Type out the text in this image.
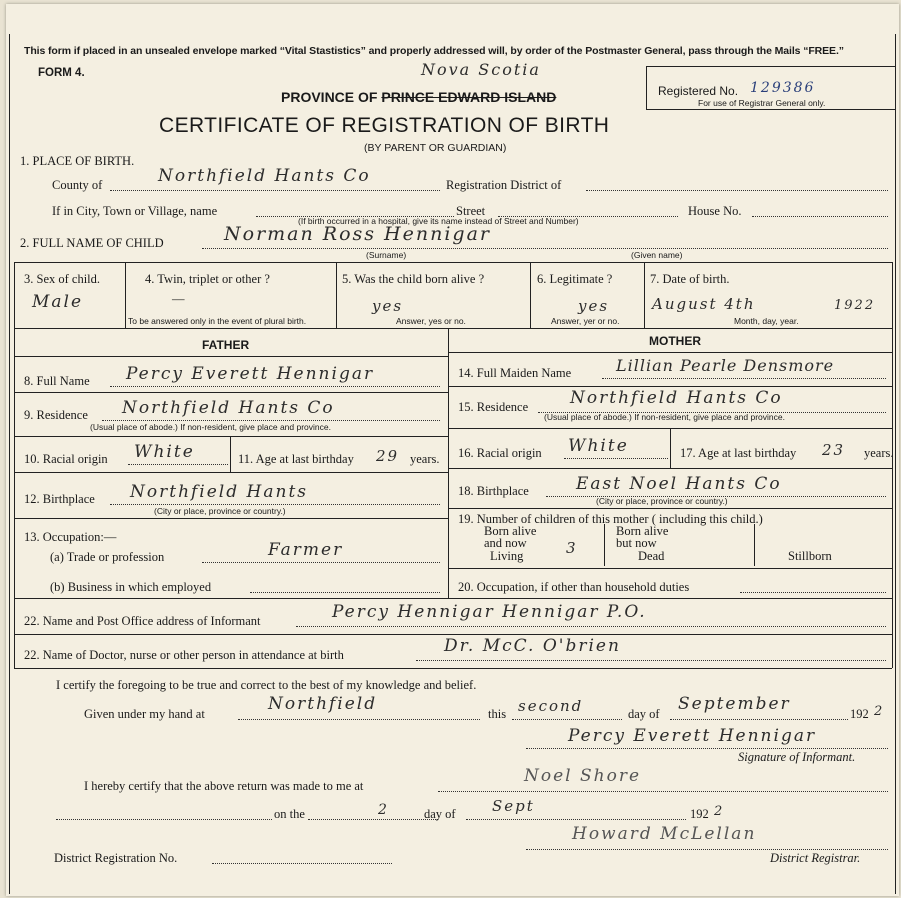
This form if placed in an unsealed envelope marked “Vital Stastistics” and properly addressed will, by order of the Postmaster General, pass through the Mails “FREE.”
FORM 4.	Nova Scotia
PROVINCE OF PRINCE EDWARD ISLAND	Registered No. 129386
For use of Registrar General only.
CERTIFICATE OF REGISTRATION OF BIRTH
(BY PARENT OR GUARDIAN)
1. PLACE OF BIRTH.
County of	Northfield Hants Co	Registration District of
If in City, Town or Village, name	Street	House No.
(If birth occurred in a hospital, give its name instead of Street and Number)
2. FULL NAME OF CHILD	Norman Ross Hennigar
(Surname)	(Given name)
3. Sex of child.
Male
4. Twin, triplet or other ?
—
To be answered only in the event of plural birth.
5. Was the child born alive ?
yes
Answer, yes or no.
6. Legitimate ?
yes
Answer, yer or no.
7. Date of birth.
August 4th	1922
Month, day, year.
FATHER	MOTHER
8. Full Name Percy Everett Hennigar
9. Residence Northfield Hants Co
(Usual place of abode.) If non-resident, give place and province.
10. Racial origin White	11. Age at last birthday 29 years.
12. Birthplace Northfield Hants
(City or place, province or country.)
13. Occupation:—
(a) Trade or profession	Farmer
(b) Business in which employed
14. Full Maiden Name	Lillian Pearle Densmore
15. Residence Northfield Hants Co
(Usual place of abode.) If non-resident, give place and province.
16. Racial origin White	17. Age at last birthday 23 years.
18. Birthplace	East Noel Hants Co
(City or place, province or country.)
19. Number of children of this mother ( including this child.)
Born alive
and now
Living	3
Born alive
but now
Dead	Stillborn
20. Occupation, if other than household duties
22. Name and Post Office address of Informant	Percy Hennigar Hennigar P.O.
22. Name of Doctor, nurse or other person in attendance at birth	Dr. McC. O'brien
I certify the foregoing to be true and correct to the best of my knowledge and belief.
Given under my hand at	Northfield	this second	day of September	192 2
Percy Everett Hennigar
Signature of Informant.
I hereby certify that the above return was made to me at	Noel Shore
on the	2	day of Sept	192 2
Howard McLellan
District Registration No.	District Registrar.
